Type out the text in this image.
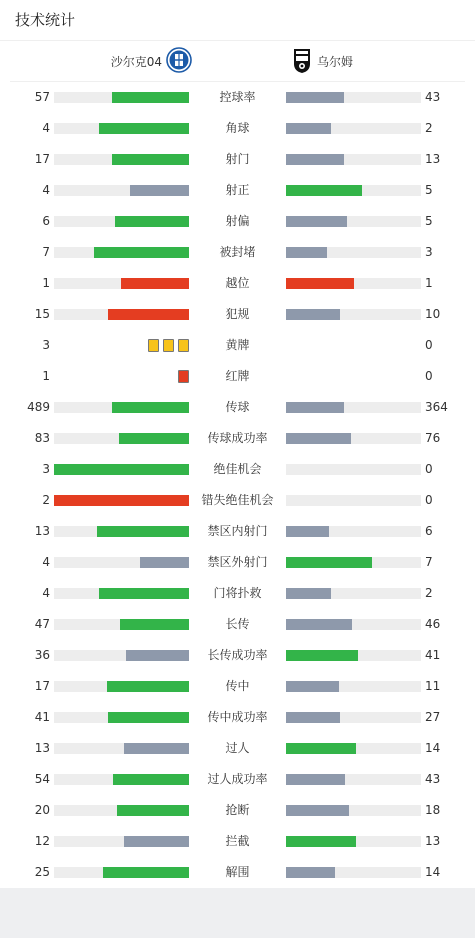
技术统计
沙尔克04	乌尔姆
57	控球率	43
4	角球	2
17	射门	13
4	射正	5
6	射偏	5
7	被封堵	3
1	越位	1
15	犯规	10
3	黄牌	0
1	红牌	0
489	传球	364
83	传球成功率	76
3	绝佳机会	0
2	错失绝佳机会	0
13	禁区内射门	6
4	禁区外射门	7
4	门将扑救	2
47	长传	46
36	长传成功率	41
17	传中	11
41	传中成功率	27
13	过人	14
54	过人成功率	43
20	抢断	18
12	拦截	13
25	解围	14
